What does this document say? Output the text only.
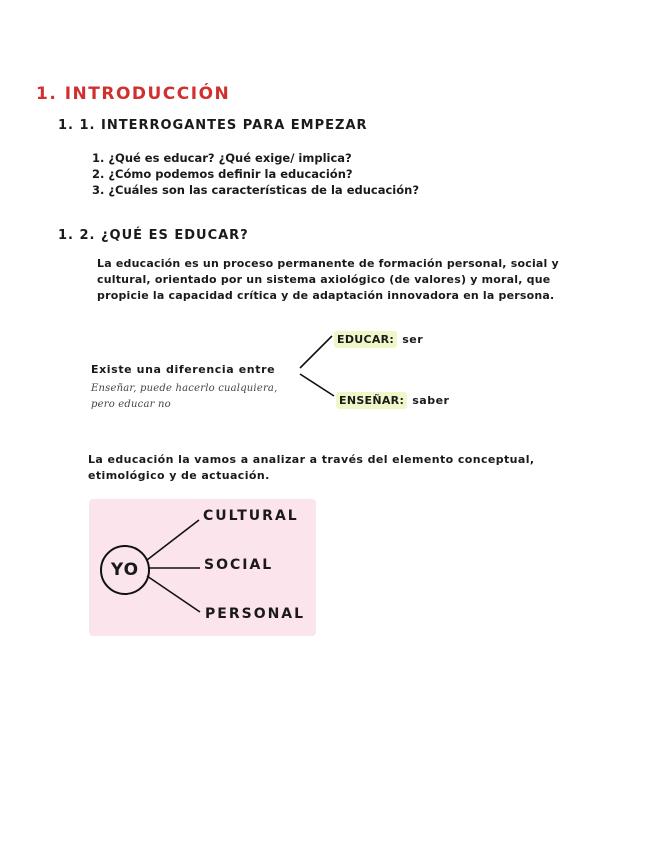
1. INTRODUCCIÓN
1. 1. INTERROGANTES PARA EMPEZAR
1. ¿Qué es educar? ¿Qué exige/ implica?
2. ¿Cómo podemos definir la educación?
3. ¿Cuáles son las características de la educación?
1. 2. ¿QUÉ ES EDUCAR?
La educación es un proceso permanente de formación personal, social y cultural, orientado por un sistema axiológico (de valores) y moral, que propicie la capacidad crítica y de adaptación innovadora en la persona.
Existe una diferencia entre
Enseñar, puede hacerlo cualquiera,
pero educar no
EDUCAR: ser
ENSEÑAR: saber
La educación la vamos a analizar a través del elemento conceptual, etimológico y de actuación.
YO
CULTURAL
SOCIAL
PERSONAL
